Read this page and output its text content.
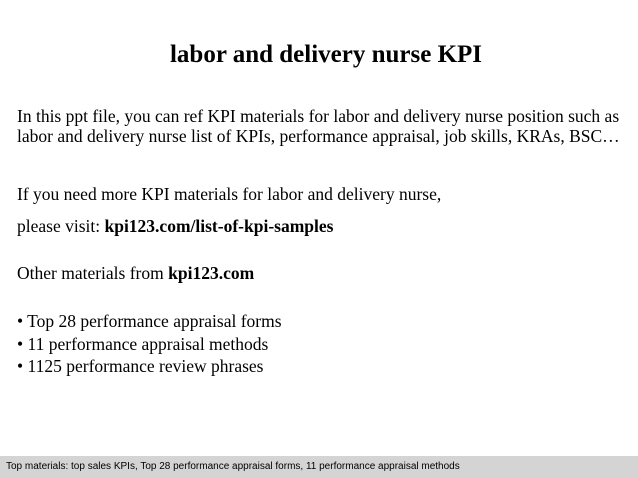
labor and delivery nurse KPI

In this ppt file, you can ref KPI materials for labor and delivery nurse position such as labor and delivery nurse list of KPIs, performance appraisal, job skills, KRAs, BSC…

If you need more KPI materials for labor and delivery nurse,

please visit: kpi123.com/list-of-kpi-samples

Other materials from kpi123.com

• Top 28 performance appraisal forms
• 11 performance appraisal methods
• 1125 performance review phrases
Top materials: top sales KPIs, Top 28 performance appraisal forms, 11 performance appraisal methods
